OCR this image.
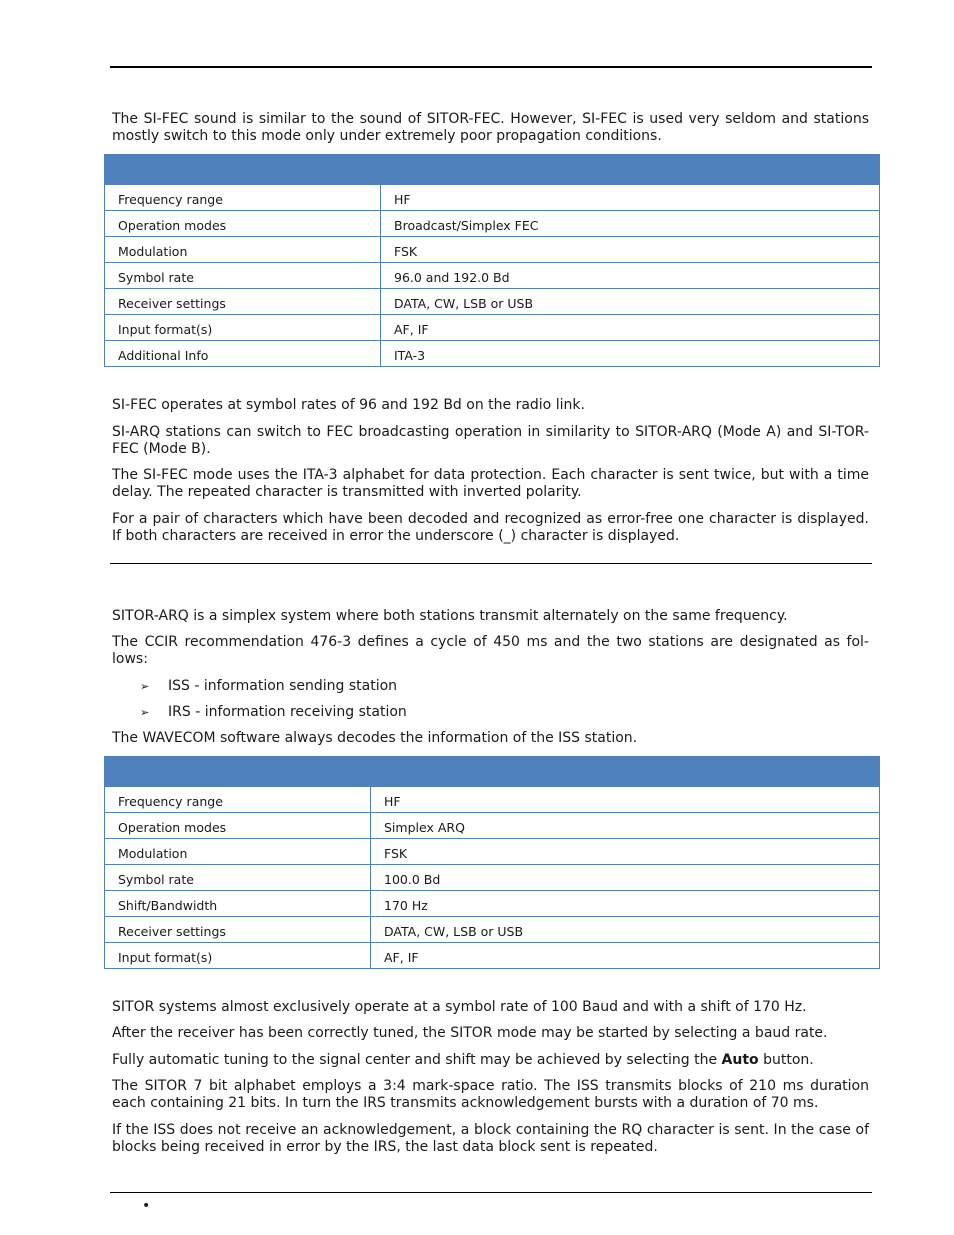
The SI-FEC sound is similar to the sound of SITOR-FEC. However, SI-FEC is used very seldom and stations mostly switch to this mode only under extremely poor propagation conditions.

Frequency range	HF
Operation modes	Broadcast/Simplex FEC
Modulation	FSK
Symbol rate	96.0 and 192.0 Bd
Receiver settings	DATA, CW, LSB or USB
Input format(s)	AF, IF
Additional Info	ITA-3

SI-FEC operates at symbol rates of 96 and 192 Bd on the radio link.

SI-ARQ stations can switch to FEC broadcasting operation in similarity to SITOR-ARQ (Mode A) and SI-TOR-FEC (Mode B).

The SI-FEC mode uses the ITA-3 alphabet for data protection. Each character is sent twice, but with a time delay. The repeated character is transmitted with inverted polarity.

For a pair of characters which have been decoded and recognized as error-free one character is displayed. If both characters are received in error the underscore (_) character is displayed.

SITOR-ARQ is a simplex system where both stations transmit alternately on the same frequency.

The CCIR recommendation 476-3 defines a cycle of 450 ms and the two stations are designated as fol-lows:

➢ ISS - information sending station
➢ IRS - information receiving station

The WAVECOM software always decodes the information of the ISS station.

Frequency range	HF
Operation modes	Simplex ARQ
Modulation	FSK
Symbol rate	100.0 Bd
Shift/Bandwidth	170 Hz
Receiver settings	DATA, CW, LSB or USB
Input format(s)	AF, IF

SITOR systems almost exclusively operate at a symbol rate of 100 Baud and with a shift of 170 Hz.

After the receiver has been correctly tuned, the SITOR mode may be started by selecting a baud rate.

Fully automatic tuning to the signal center and shift may be achieved by selecting the Auto button.

The SITOR 7 bit alphabet employs a 3:4 mark-space ratio. The ISS transmits blocks of 210 ms duration each containing 21 bits. In turn the IRS transmits acknowledgement bursts with a duration of 70 ms.

If the ISS does not receive an acknowledgement, a block containing the RQ character is sent. In the case of blocks being received in error by the IRS, the last data block sent is repeated.

•
